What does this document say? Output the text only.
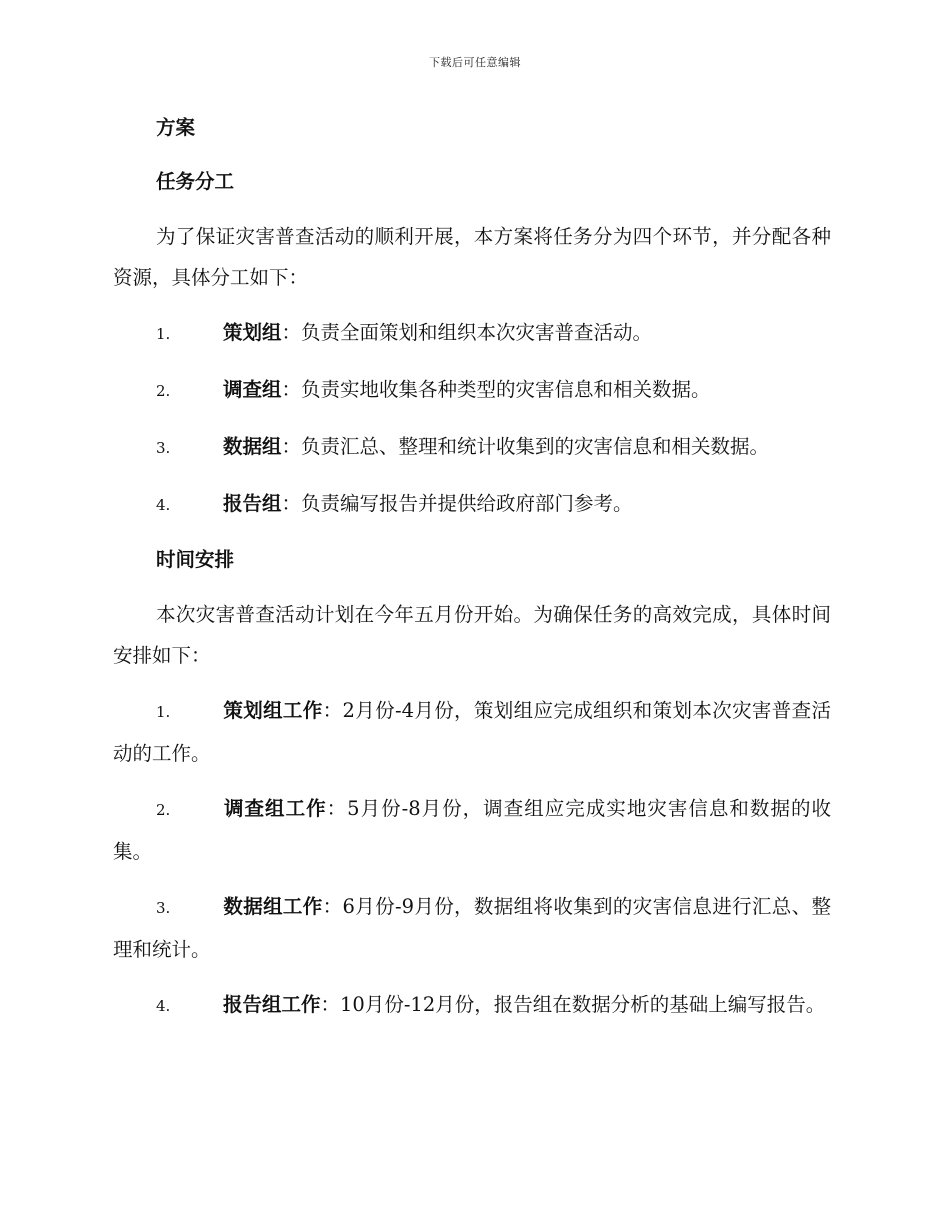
下载后可任意编辑
方案
任务分工
为了保证灾害普查活动的顺利开展，本方案将任务分为四个环节，并分配各种资源，具体分工如下：
1.	策划组：负责全面策划和组织本次灾害普查活动。
2.	调查组：负责实地收集各种类型的灾害信息和相关数据。
3.	数据组：负责汇总、整理和统计收集到的灾害信息和相关数据。
4.	报告组：负责编写报告并提供给政府部门参考。
时间安排
本次灾害普查活动计划在今年五月份开始。为确保任务的高效完成，具体时间安排如下：
1.	策划组工作：2月份-4月份，策划组应完成组织和策划本次灾害普查活动的工作。
2.	调查组工作：5月份-8月份，调查组应完成实地灾害信息和数据的收集。
3.	数据组工作：6月份-9月份，数据组将收集到的灾害信息进行汇总、整理和统计。
4.	报告组工作：10月份-12月份，报告组在数据分析的基础上编写报告。
